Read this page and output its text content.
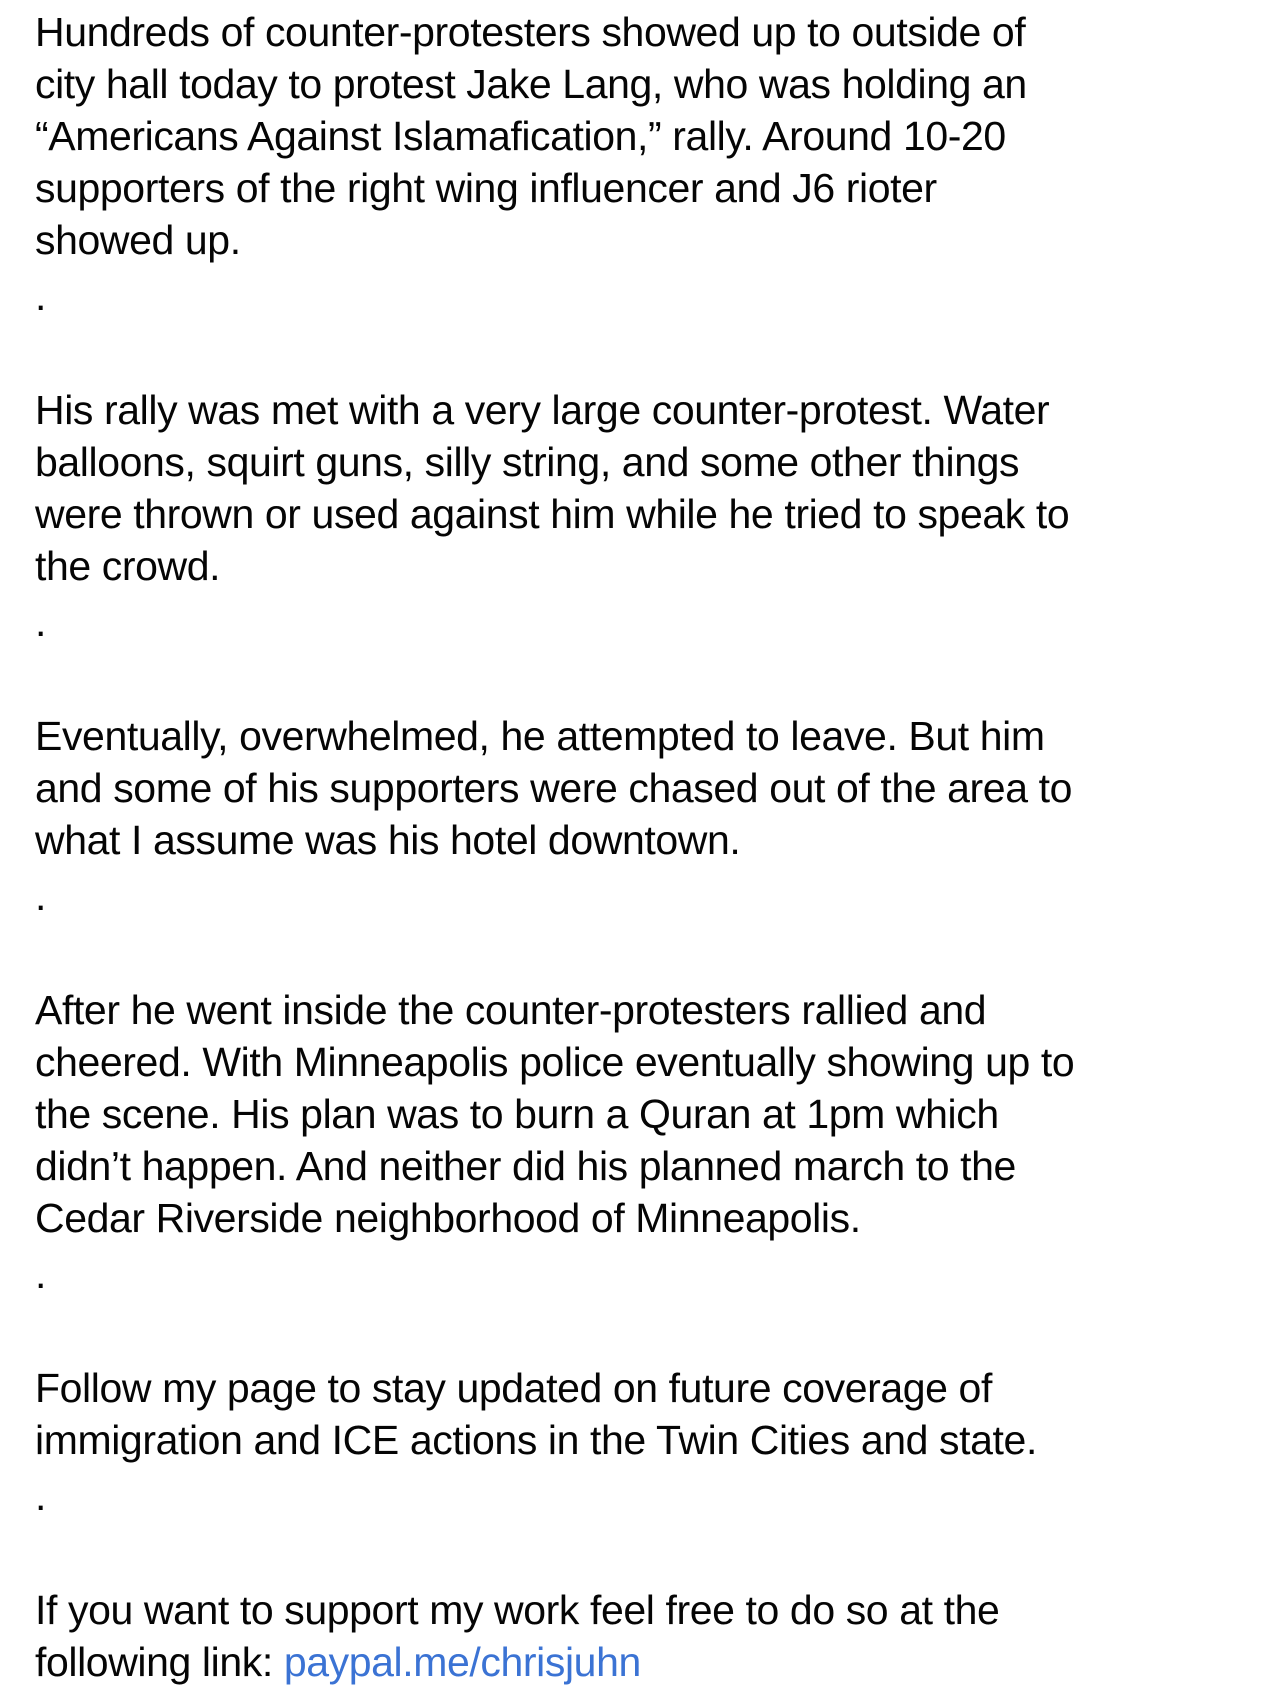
Hundreds of counter-protesters showed up to outside of
city hall today to protest Jake Lang, who was holding an
“Americans Against Islamafication,” rally. Around 10-20
supporters of the right wing influencer and J6 rioter
showed up.
.
His rally was met with a very large counter-protest. Water
balloons, squirt guns, silly string, and some other things
were thrown or used against him while he tried to speak to
the crowd.
.
Eventually, overwhelmed, he attempted to leave. But him
and some of his supporters were chased out of the area to
what I assume was his hotel downtown.
.
After he went inside the counter-protesters rallied and
cheered. With Minneapolis police eventually showing up to
the scene. His plan was to burn a Quran at 1pm which
didn’t happen. And neither did his planned march to the
Cedar Riverside neighborhood of Minneapolis.
.
Follow my page to stay updated on future coverage of
immigration and ICE actions in the Twin Cities and state.
.
If you want to support my work feel free to do so at the
following link: paypal.me/chrisjuhn
